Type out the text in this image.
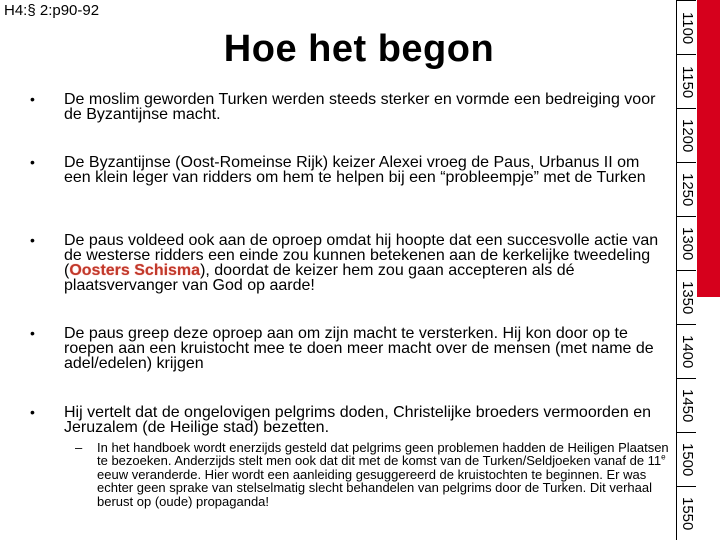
H4:§ 2:p90-92
Hoe het begon
• De moslim geworden Turken werden steeds sterker en vormde een bedreiging voor de Byzantijnse macht.
• De Byzantijnse (Oost-Romeinse Rijk) keizer Alexei vroeg de Paus, Urbanus II om een klein leger van ridders om hem te helpen bij een “probleempje” met de Turken
• De paus voldeed ook aan de oproep omdat hij hoopte dat een succesvolle actie van de westerse ridders een einde zou kunnen betekenen aan de kerkelijke tweedeling (Oosters Schisma), doordat de keizer hem zou gaan accepteren als dé plaatsvervanger van God op aarde!
• De paus greep deze oproep aan om zijn macht te versterken. Hij kon door op te roepen aan een kruistocht mee te doen meer macht over de mensen (met name de adel/edelen) krijgen
• Hij vertelt dat de ongelovigen pelgrims doden, Christelijke broeders vermoorden en Jeruzalem (de Heilige stad) bezetten.
– In het handboek wordt enerzijds gesteld dat pelgrims geen problemen hadden de Heiligen Plaatsen te bezoeken. Anderzijds stelt men ook dat dit met de komst van de Turken/Seldjoeken vanaf de 11e eeuw veranderde. Hier wordt een aanleiding gesuggereerd de kruistochten te beginnen. Er was echter geen sprake van stelselmatig slecht behandelen van pelgrims door de Turken. Dit verhaal berust op (oude) propaganda!
1100
1150
1200
1250
1300
1350
1400
1450
1500
1550
